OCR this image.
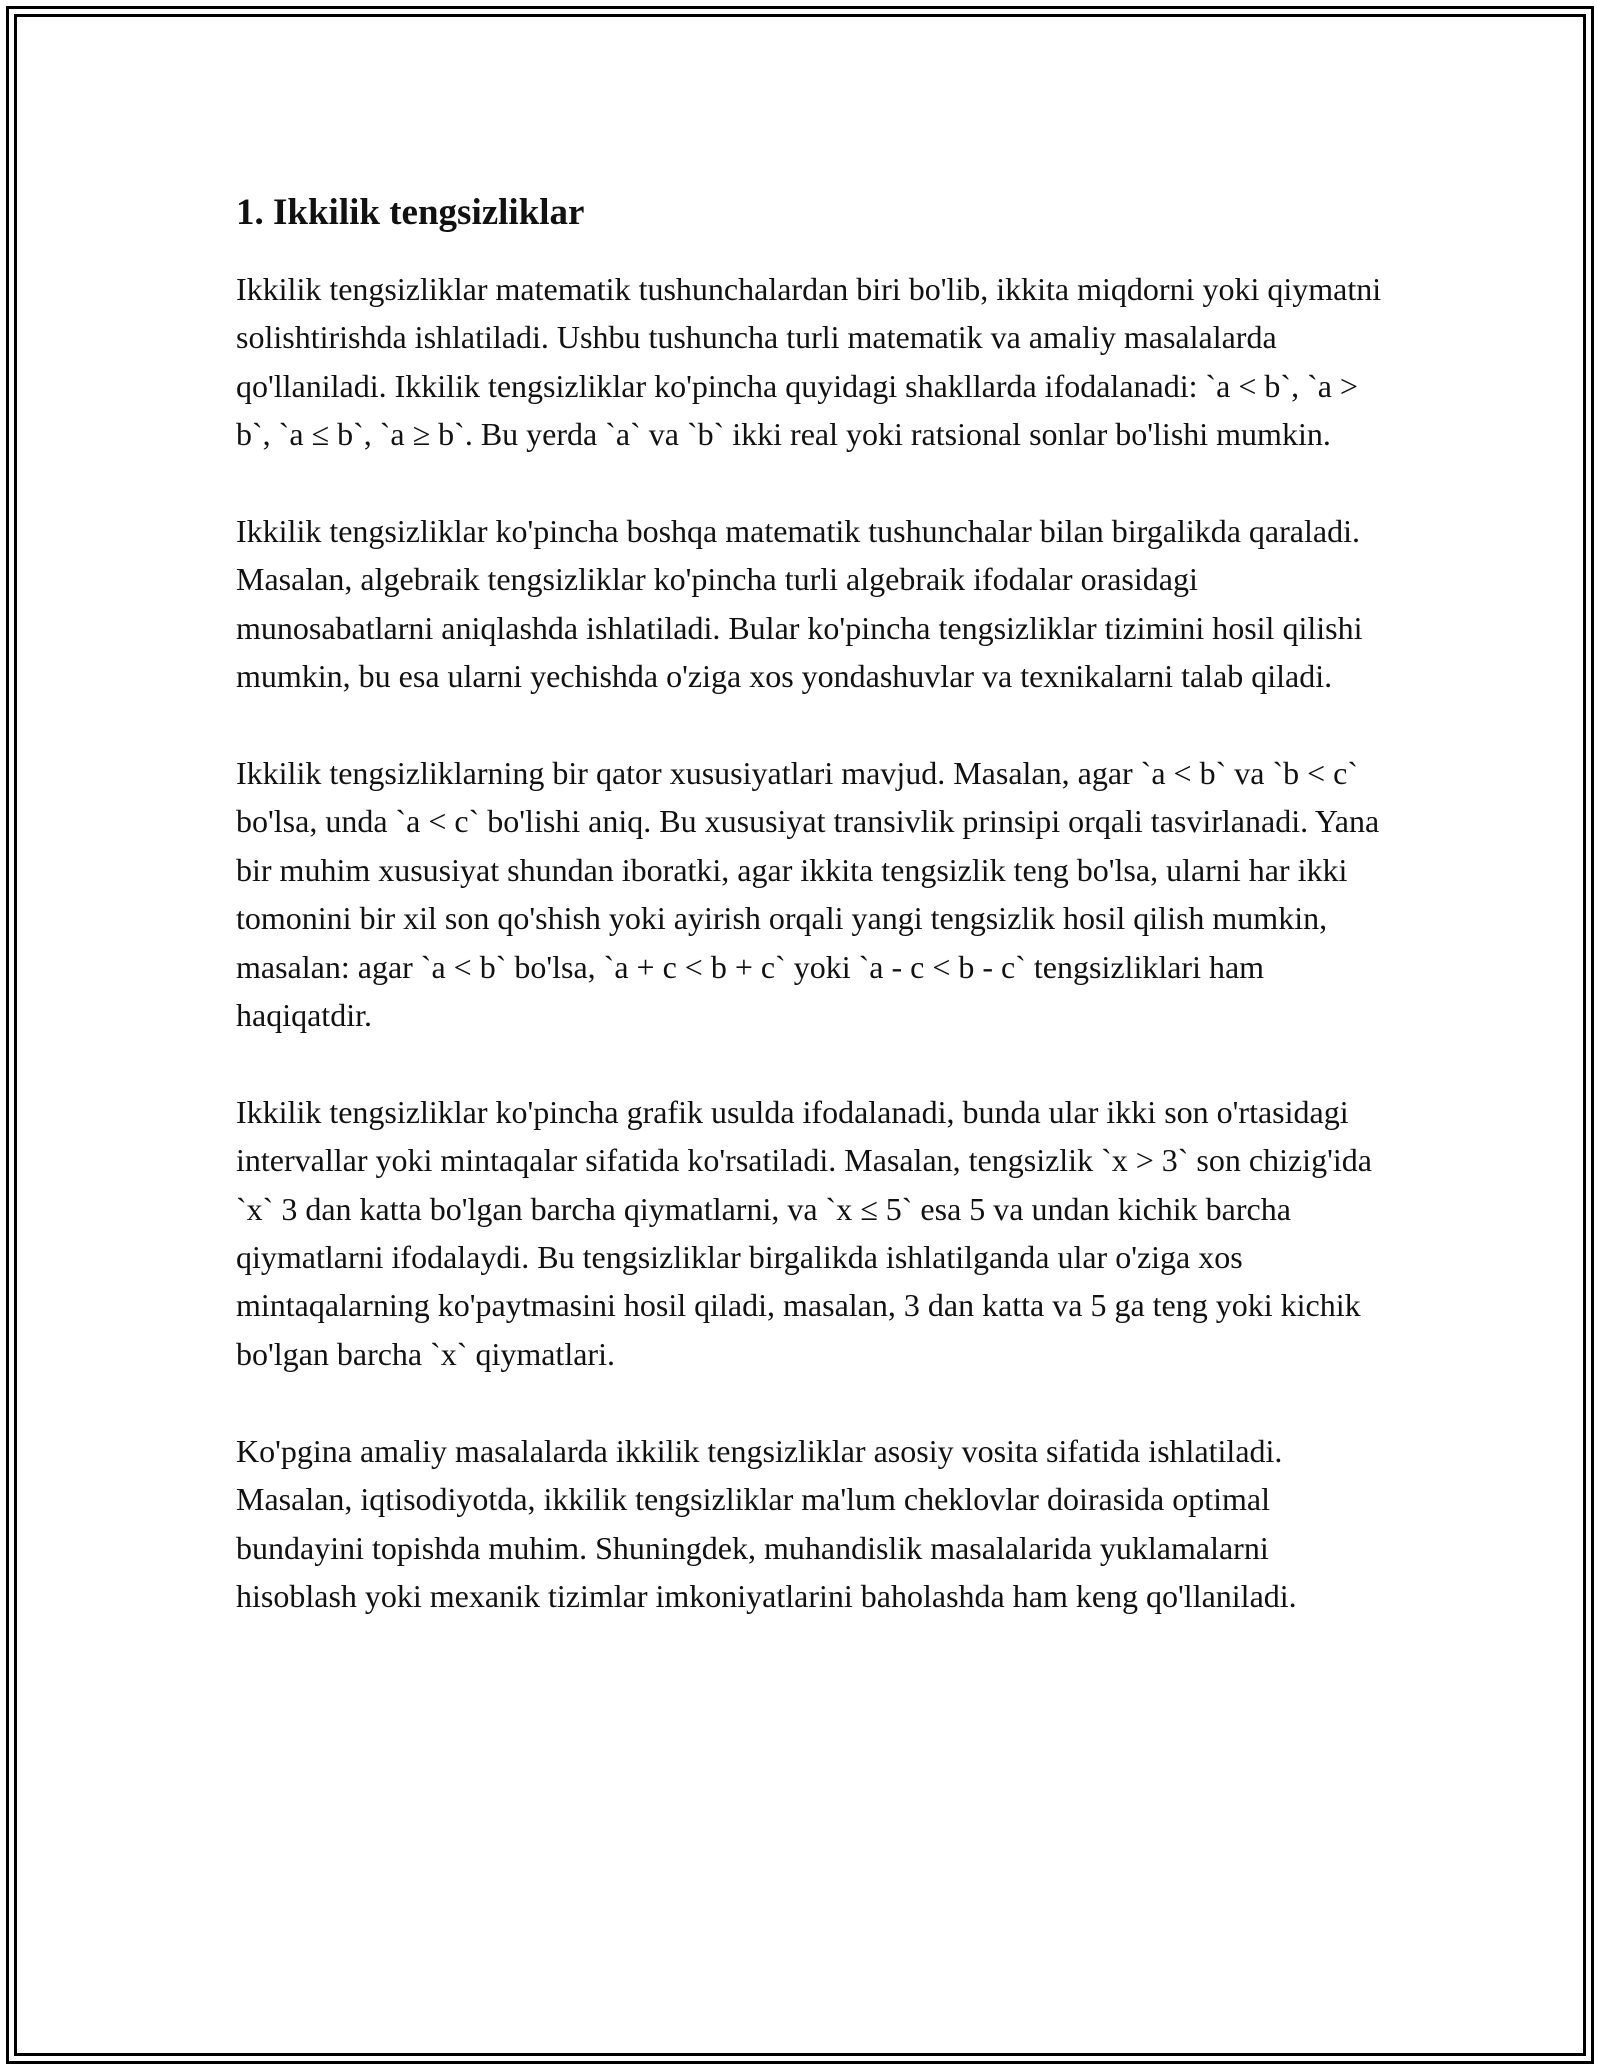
1. Ikkilik tengsizliklar

Ikkilik tengsizliklar matematik tushunchalardan biri bo'lib, ikkita miqdorni yoki qiymatni solishtirishda ishlatiladi. Ushbu tushuncha turli matematik va amaliy masalalarda qo'llaniladi. Ikkilik tengsizliklar ko'pincha quyidagi shakllarda ifodalanadi: `a < b`, `a > b`, `a ≤ b`, `a ≥ b`. Bu yerda `a` va `b` ikki real yoki ratsional sonlar bo'lishi mumkin.

Ikkilik tengsizliklar ko'pincha boshqa matematik tushunchalar bilan birgalikda qaraladi. Masalan, algebraik tengsizliklar ko'pincha turli algebraik ifodalar orasidagi munosabatlarni aniqlashda ishlatiladi. Bular ko'pincha tengsizliklar tizimini hosil qilishi mumkin, bu esa ularni yechishda o'ziga xos yondashuvlar va texnikalarni talab qiladi.

Ikkilik tengsizliklarning bir qator xususiyatlari mavjud. Masalan, agar `a < b` va `b < c` bo'lsa, unda `a < c` bo'lishi aniq. Bu xususiyat transivlik prinsipi orqali tasvirlanadi. Yana bir muhim xususiyat shundan iboratki, agar ikkita tengsizlik teng bo'lsa, ularni har ikki tomonini bir xil son qo'shish yoki ayirish orqali yangi tengsizlik hosil qilish mumkin, masalan: agar `a < b` bo'lsa, `a + c < b + c` yoki `a - c < b - c` tengsizliklari ham haqiqatdir.

Ikkilik tengsizliklar ko'pincha grafik usulda ifodalanadi, bunda ular ikki son o'rtasidagi intervallar yoki mintaqalar sifatida ko'rsatiladi. Masalan, tengsizlik `x > 3` son chizig'ida `x` 3 dan katta bo'lgan barcha qiymatlarni, va `x ≤ 5` esa 5 va undan kichik barcha qiymatlarni ifodalaydi. Bu tengsizliklar birgalikda ishlatilganda ular o'ziga xos mintaqalarning ko'paytmasini hosil qiladi, masalan, 3 dan katta va 5 ga teng yoki kichik bo'lgan barcha `x` qiymatlari.

Ko'pgina amaliy masalalarda ikkilik tengsizliklar asosiy vosita sifatida ishlatiladi. Masalan, iqtisodiyotda, ikkilik tengsizliklar ma'lum cheklovlar doirasida optimal bundayini topishda muhim. Shuningdek, muhandislik masalalarida yuklamalarni hisoblash yoki mexanik tizimlar imkoniyatlarini baholashda ham keng qo'llaniladi.
